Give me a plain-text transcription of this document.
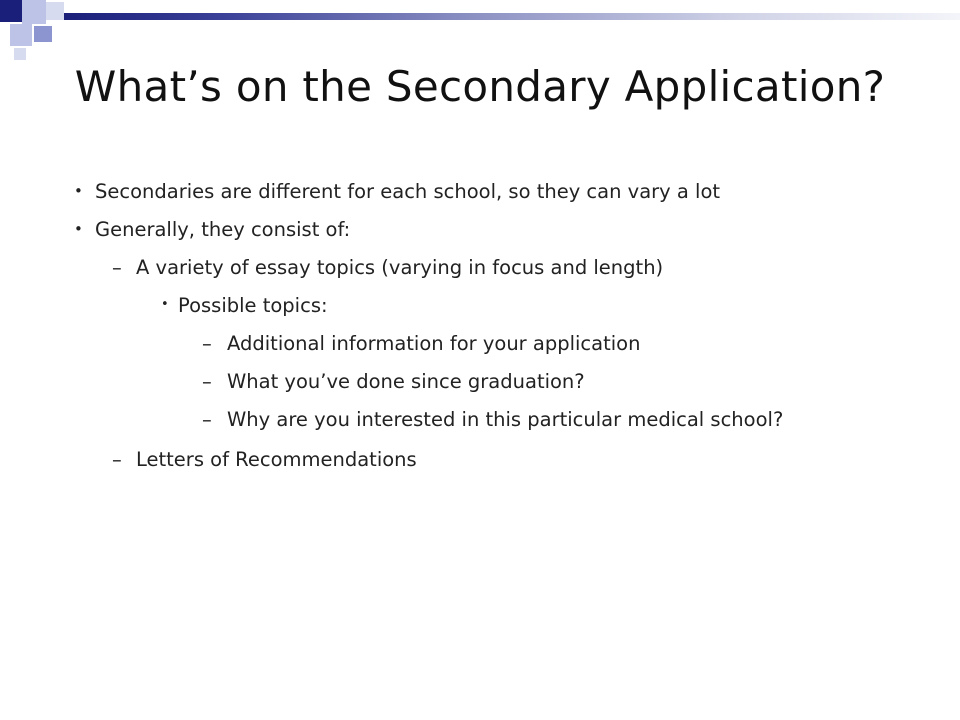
What’s on the Secondary Application?
• Secondaries are different for each school, so they can vary a lot
• Generally, they consist of:
– A variety of essay topics (varying in focus and length)
• Possible topics:
– Additional information for your application
– What you’ve done since graduation?
– Why are you interested in this particular medical school?
– Letters of Recommendations
